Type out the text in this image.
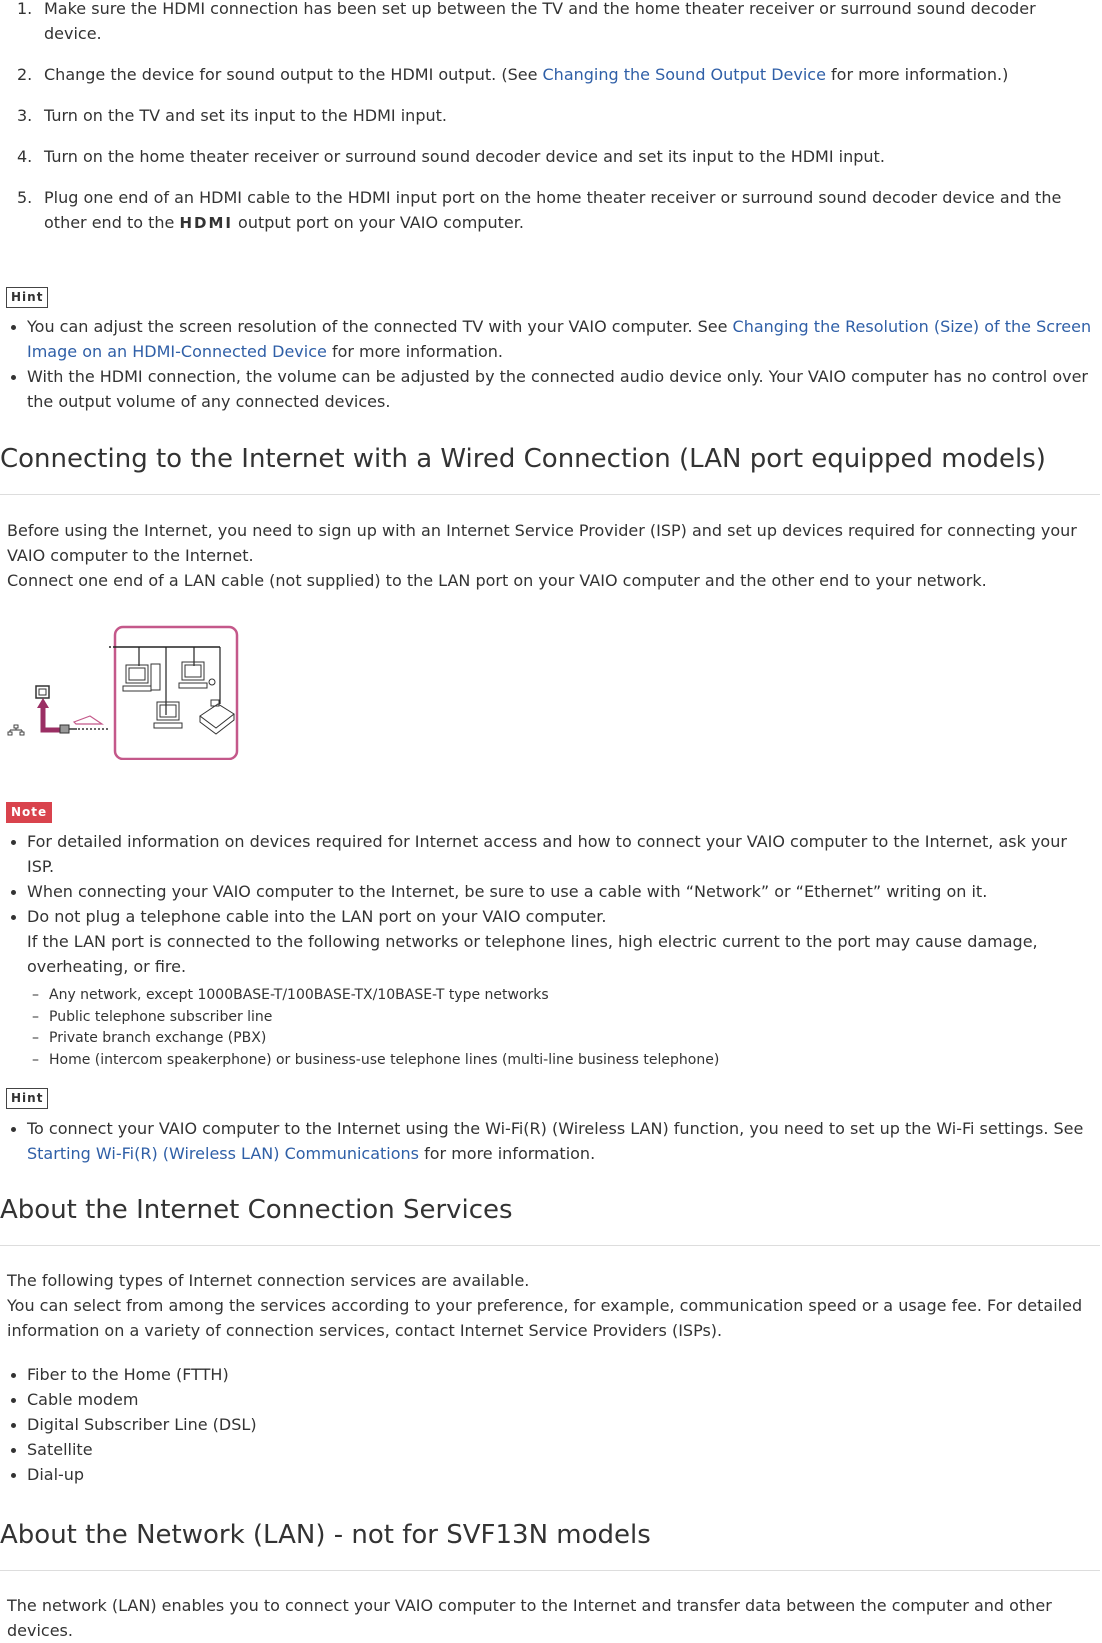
1. Make sure the HDMI connection has been set up between the TV and the home theater receiver or surround sound decoder device.
2. Change the device for sound output to the HDMI output. (See Changing the Sound Output Device for more information.)
3. Turn on the TV and set its input to the HDMI input.
4. Turn on the home theater receiver or surround sound decoder device and set its input to the HDMI input.
5. Plug one end of an HDMI cable to the HDMI input port on the home theater receiver or surround sound decoder device and the other end to the HDMI output port on your VAIO computer.
Hint
You can adjust the screen resolution of the connected TV with your VAIO computer. See Changing the Resolution (Size) of the Screen Image on an HDMI-Connected Device for more information.
With the HDMI connection, the volume can be adjusted by the connected audio device only. Your VAIO computer has no control over the output volume of any connected devices.
Connecting to the Internet with a Wired Connection (LAN port equipped models)

Before using the Internet, you need to sign up with an Internet Service Provider (ISP) and set up devices required for connecting your VAIO computer to the Internet.
Connect one end of a LAN cable (not supplied) to the LAN port on your VAIO computer and the other end to your network.

Note
For detailed information on devices required for Internet access and how to connect your VAIO computer to the Internet, ask your ISP.
When connecting your VAIO computer to the Internet, be sure to use a cable with “Network” or “Ethernet” writing on it.
Do not plug a telephone cable into the LAN port on your VAIO computer.
If the LAN port is connected to the following networks or telephone lines, high electric current to the port may cause damage, overheating, or fire.
– Any network, except 1000BASE-T/100BASE-TX/10BASE-T type networks
– Public telephone subscriber line
– Private branch exchange (PBX)
– Home (intercom speakerphone) or business-use telephone lines (multi-line business telephone)
Hint
To connect your VAIO computer to the Internet using the Wi-Fi(R) (Wireless LAN) function, you need to set up the Wi-Fi settings. See Starting Wi-Fi(R) (Wireless LAN) Communications for more information.
About the Internet Connection Services

The following types of Internet connection services are available.
You can select from among the services according to your preference, for example, communication speed or a usage fee. For detailed information on a variety of connection services, contact Internet Service Providers (ISPs).

Fiber to the Home (FTTH)
Cable modem
Digital Subscriber Line (DSL)
Satellite
Dial-up
About the Network (LAN) - not for SVF13N models

The network (LAN) enables you to connect your VAIO computer to the Internet and transfer data between the computer and other devices.
